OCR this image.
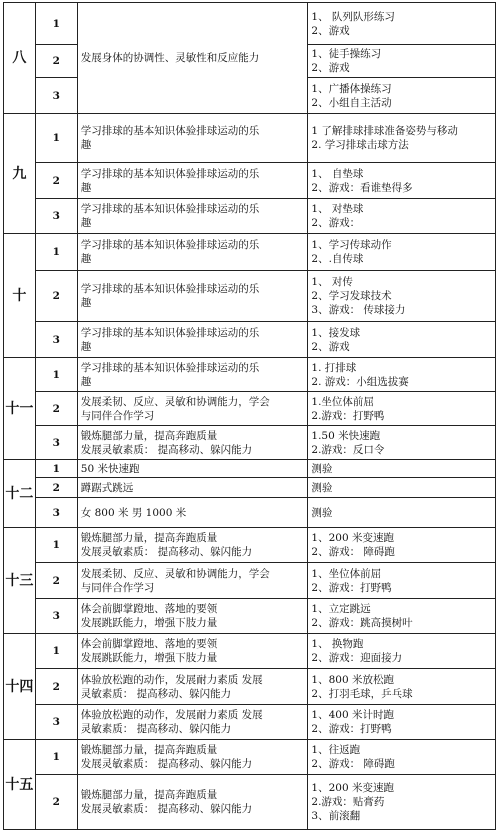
八	1	发展身体的协调性、灵敏性和反应能力	1、 队列队形练习
2、游戏

	2		1、徒手操练习
2、游戏

	3		1、广播体操练习
2、小组自主活动

九	1	学习排球的基本知识体验排球运动的乐
趣	1 了解排球排球准备姿势与移动
2. 学习排球击球方法

	2	学习排球的基本知识体验排球运动的乐
趣	1、 自垫球
2、游戏：看谁垫得多

	3	学习排球的基本知识体验排球运动的乐
趣	1、 对垫球
2、游戏：

十	1	学习排球的基本知识体验排球运动的乐
趣	1、学习传球动作
2、.自传球

	2	学习排球的基本知识体验排球运动的乐
趣	1、 对传
2、学习发球技术
3、游戏： 传球接力

	3	学习排球的基本知识体验排球运动的乐
趣	1、接发球
2、游戏

十一	1	学习排球的基本知识体验排球运动的乐
趣	1. 打排球
2. 游戏：小组选拔赛

	2	发展柔韧、反应、灵敏和协调能力，学会
与同伴合作学习	1.坐位体前屈
2.游戏：打野鸭

	3	锻炼腿部力量，提高奔跑质量
发展灵敏素质： 提高移动、躲闪能力	1.50 米快速跑
2.游戏：反口令

十二	1	50 米快速跑	测验

	2	蹲踞式跳远	测验

	3	女 800 米 男 1000 米	测验

十三	1	锻炼腿部力量，提高奔跑质量
发展灵敏素质： 提高移动、躲闪能力	1、200 米变速跑
2、游戏： 障碍跑

	2	发展柔韧、反应、灵敏和协调能力，学会
与同伴合作学习	1、坐位体前屈
2、游戏：打野鸭

	3	体会前脚掌蹬地、落地的要领
发展跳跃能力，增强下肢力量	1、立定跳远
2、游戏：跳高摸树叶

十四	1	体会前脚掌蹬地、落地的要领
发展跳跃能力，增强下肢力量	1、 换物跑
2、游戏：迎面接力

	2	体验放松跑的动作，发展耐力素质 发展
灵敏素质： 提高移动、躲闪能力	1、800 米放松跑
2、打羽毛球，乒乓球

	3	体验放松跑的动作，发展耐力素质 发展
灵敏素质： 提高移动、躲闪能力	1、400 米计时跑
2、游戏：打野鸭

十五	1	锻炼腿部力量，提高奔跑质量
发展灵敏素质： 提高移动、躲闪能力	1、往返跑
2、游戏： 障碍跑

	2	锻炼腿部力量，提高奔跑质量
发展灵敏素质： 提高移动、躲闪能力	1、200 米变速跑
2.游戏：贴膏药
3、前滚翻
